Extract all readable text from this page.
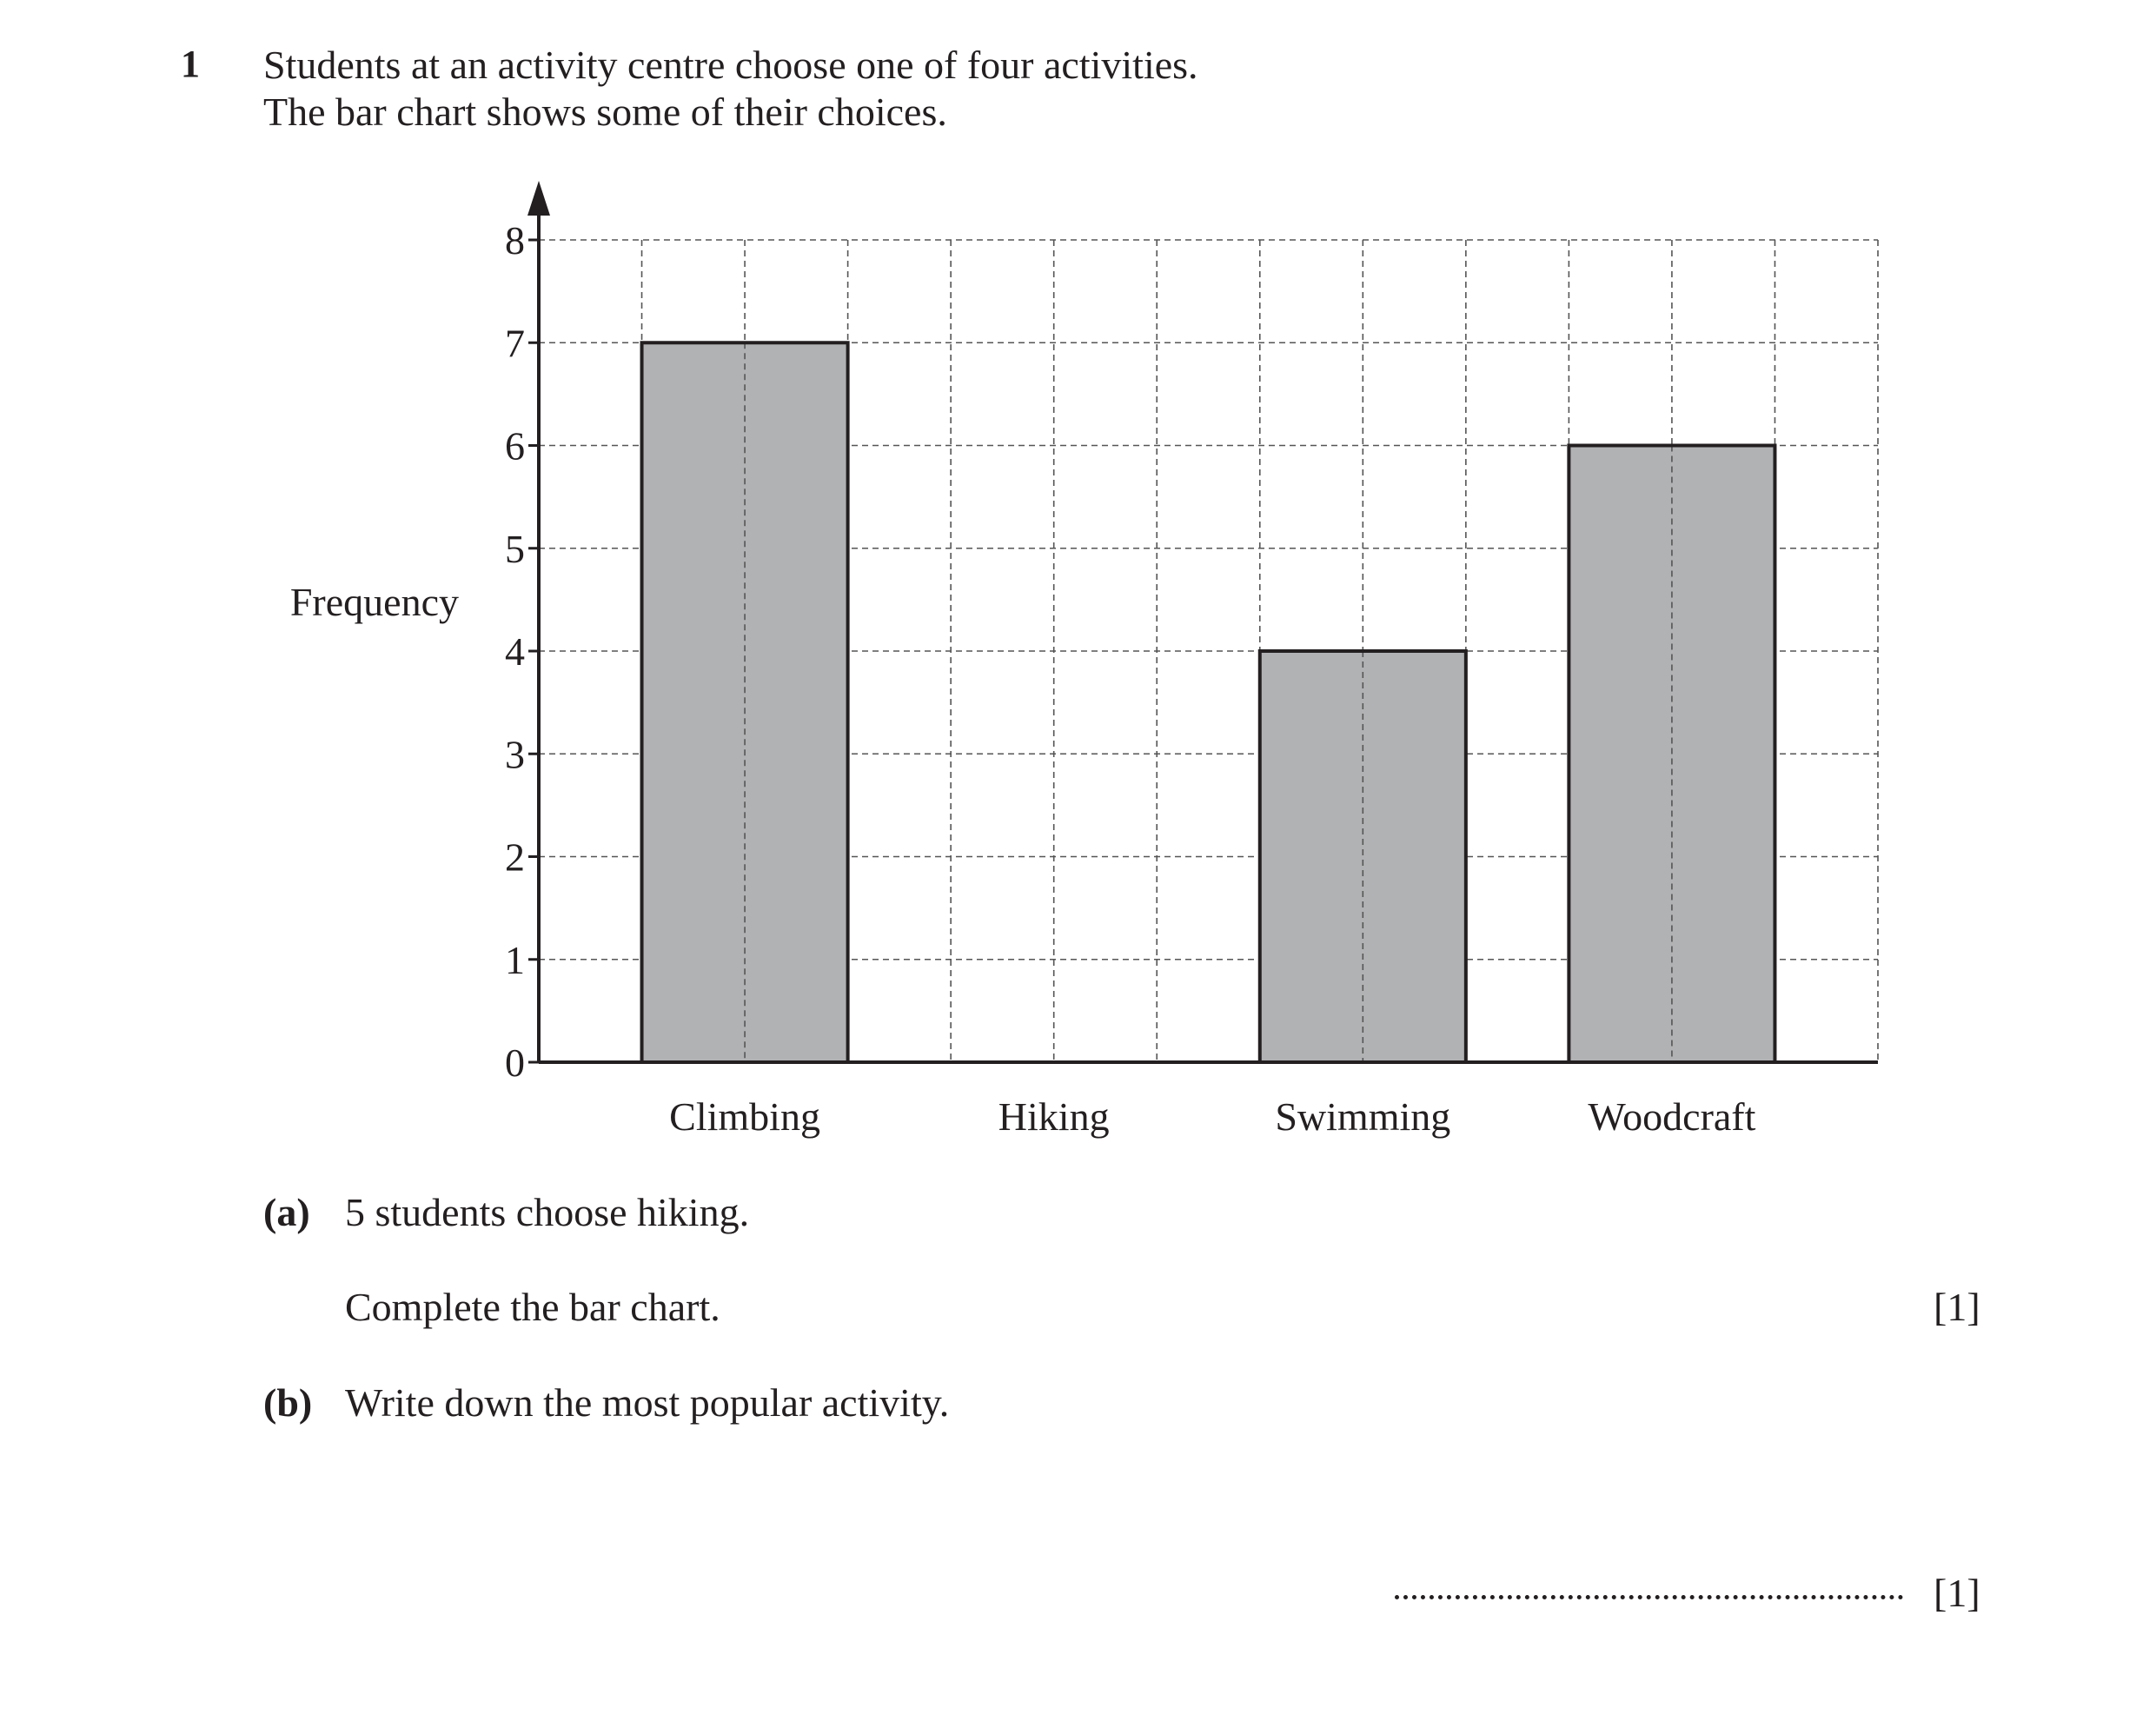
1 Students at an activity centre choose one of four activities.
The bar chart shows some of their choices.
0
1
2
3
4
5
6
7
8
Climbing	Hiking	Swimming	Woodcraft
Frequency
(a) 5 students choose hiking.
Complete the bar chart.	[1]
(b) Write down the most popular activity.
[1]
